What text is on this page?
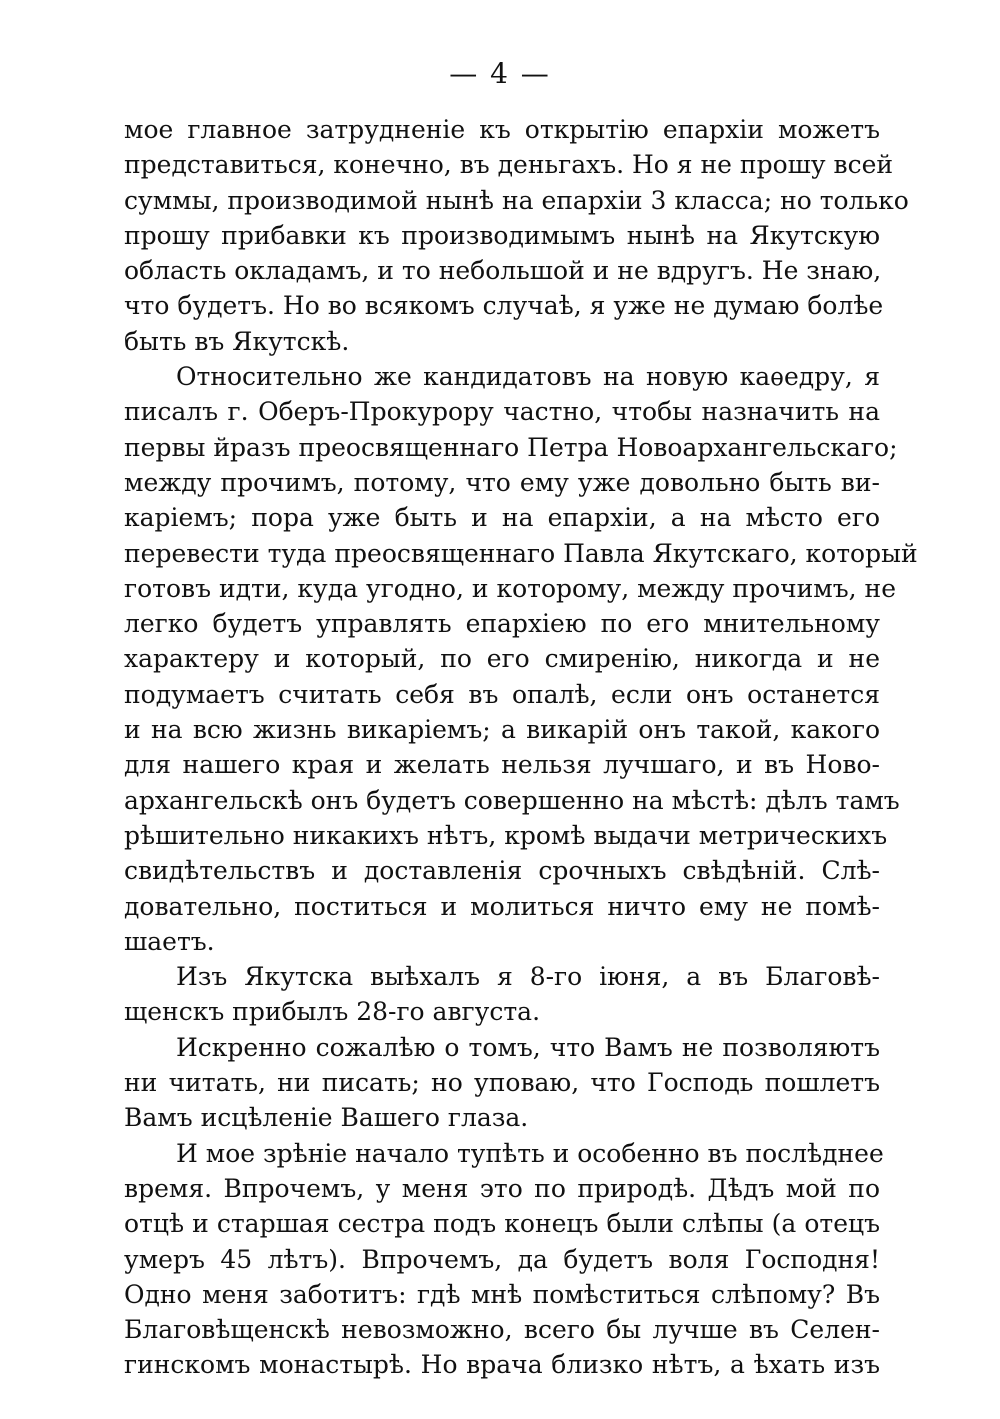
— 4 —
мое главное затрудненіе къ открытію епархіи можетъ
представиться, конечно, въ деньгахъ. Но я не прошу всей
суммы, производимой нынѣ на епархіи 3 класса; но только
прошу прибавки къ производимымъ нынѣ на Якутскую
область окладамъ, и то небольшой и не вдругъ. Не знаю,
что будетъ. Но во всякомъ случаѣ, я уже не думаю болѣе
быть въ Якутскѣ.
Относительно же кандидатовъ на новую каѳедру, я
писалъ г. Оберъ-Прокурору частно, чтобы назначить на
первы йразъ преосвященнаго Петра Новоархангельскаго;
между прочимъ, потому, что ему уже довольно быть ви-
каріемъ; пора уже быть и на епархіи, а на мѣсто его
перевести туда преосвященнаго Павла Якутскаго, который
готовъ идти, куда угодно, и которому, между прочимъ, не
легко будетъ управлять епархіею по его мнительному
характеру и который, по его смиренію, никогда и не
подумаетъ считать себя въ опалѣ, если онъ останется
и на всю жизнь викаріемъ; а викарій онъ такой, какого
для нашего края и желать нельзя лучшаго, и въ Ново-
архангельскѣ онъ будетъ совершенно на мѣстѣ: дѣлъ тамъ
рѣшительно никакихъ нѣтъ, кромѣ выдачи метрическихъ
свидѣтельствъ и доставленія срочныхъ свѣдѣній. Слѣ-
довательно, поститься и молиться ничто ему не помѣ-
шаетъ.
Изъ Якутска выѣхалъ я 8-го іюня, а въ Благовѣ-
щенскъ прибылъ 28-го августа.
Искренно сожалѣю о томъ, что Вамъ не позволяютъ
ни читать, ни писать; но уповаю, что Господь пошлетъ
Вамъ исцѣленіе Вашего глаза.
И мое зрѣніе начало тупѣть и особенно въ послѣднее
время. Впрочемъ, у меня это по природѣ. Дѣдъ мой по
отцѣ и старшая сестра подъ конецъ были слѣпы (а отецъ
умеръ 45 лѣтъ). Впрочемъ, да будетъ воля Господня!
Одно меня заботитъ: гдѣ мнѣ помѣститься слѣпому? Въ
Благовѣщенскѣ невозможно, всего бы лучше въ Селен-
гинскомъ монастырѣ. Но врача близко нѣтъ, а ѣхать изъ
